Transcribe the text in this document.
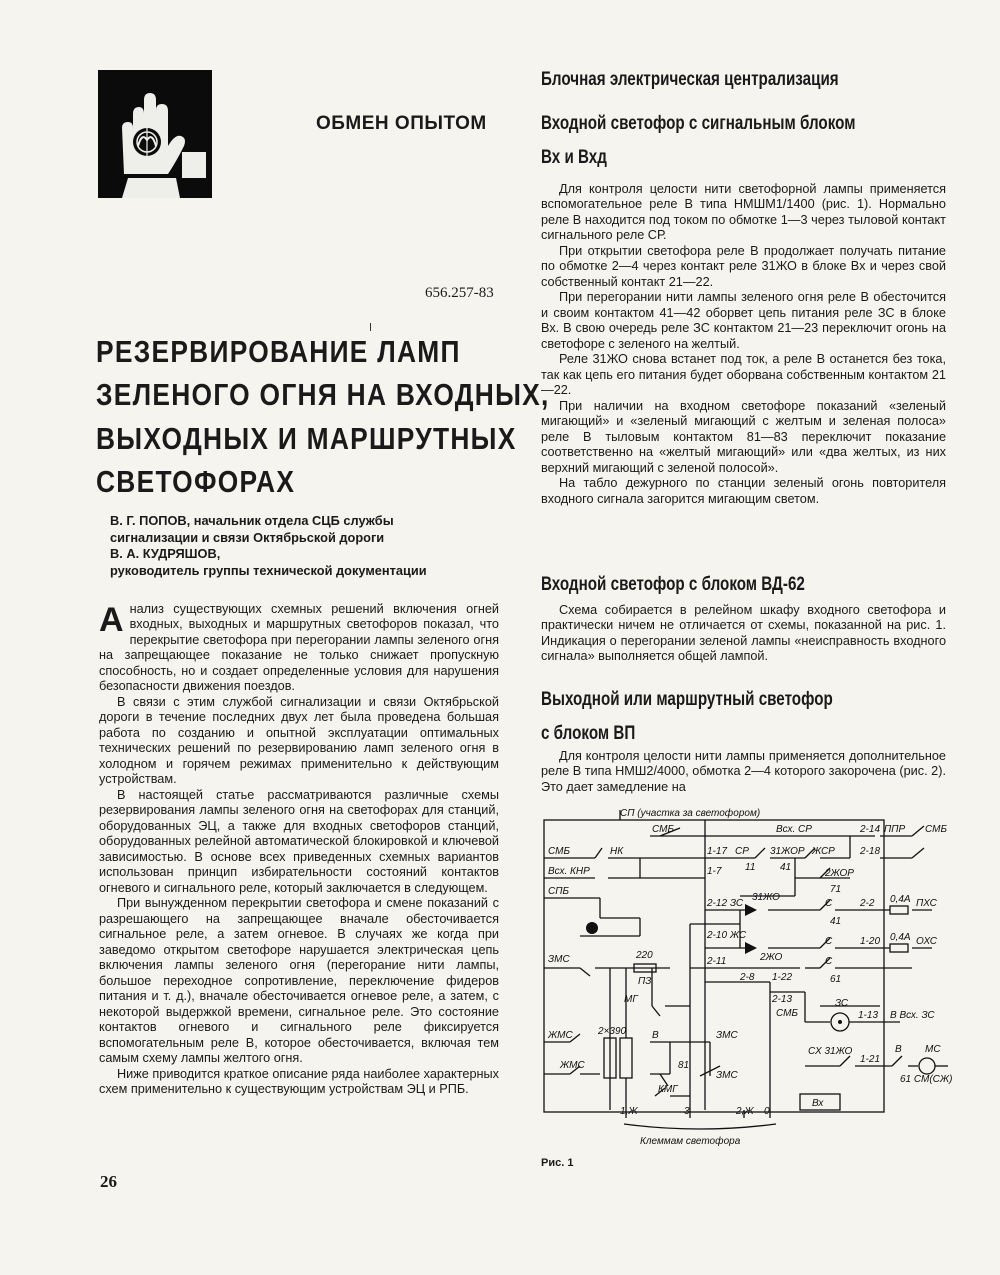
ОБМЕН ОПЫТОМ
656.257-83
РЕЗЕРВИРОВАНИЕ ЛАМП
ЗЕЛЕНОГО ОГНЯ НА ВХОДНЫХ,
ВЫХОДНЫХ И МАРШРУТНЫХ
СВЕТОФОРАХ
В. Г. ПОПОВ, начальник отдела СЦБ службы
сигнализации и связи Октябрьской дороги
В. А. КУДРЯШОВ,
руководитель группы технической документации

Анализ существующих схемных решений включения огней входных, выходных и маршрутных светофоров показал, что перекрытие светофора при перегорании лампы зеленого огня на запрещающее показание не только снижает пропускную способность, но и создает определенные условия для нарушения безопасности движения поездов.

В связи с этим службой сигнализации и связи Октябрьской дороги в течение последних двух лет была проведена большая работа по созданию и опытной эксплуатации оптимальных технических решений по резервированию ламп зеленого огня в холодном и горячем режимах применительно к действующим устройствам.

В настоящей статье рассматриваются различные схемы резервирования лампы зеленого огня на светофорах для станций, оборудованных ЭЦ, а также для входных светофоров станций, оборудованных релейной автоматической блокировкой и ключевой зависимостью. В основе всех приведенных схемных вариантов использован принцип избирательности состояний контактов огневого и сигнального реле, который заключается в следующем.

При вынужденном перекрытии светофора и смене показаний с разрешающего на запрещающее вначале обесточивается сигнальное реле, а затем огневое. В случаях же когда при заведомо открытом светофоре нарушается электрическая цепь включения лампы зеленого огня (перегорание нити лампы, большое переходное сопротивление, переключение фидеров питания и т. д.), вначале обесточивается огневое реле, а затем, с некоторой выдержкой времени, сигнальное реле. Это состояние контактов огневого и сигнального реле фиксируется вспомогательным реле В, которое обесточивается, включая тем самым схему лампы желтого огня.

Ниже приводится краткое описание ряда наиболее характерных схем применительно к существующим устройствам ЭЦ и РПБ.

26
Блочная электрическая централизация
Входной светофор с сигнальным блоком
Вх и Вхд

Для контроля целости нити светофорной лампы применяется вспомогательное реле В типа НМШМ1/1400 (рис. 1). Нормально реле В находится под током по обмотке 1—3 через тыловой контакт сигнального реле СР.

При открытии светофора реле В продолжает получать питание по обмотке 2—4 через контакт реле 31ЖО в блоке Вх и через свой собственный контакт 21—22.

При перегорании нити лампы зеленого огня реле В обесточится и своим контактом 41—42 оборвет цепь питания реле ЗС в блоке Вх. В свою очередь реле ЗС контактом 21—23 переключит огонь на светофоре с зеленого на желтый.

Реле 31ЖО снова встанет под ток, а реле В останется без тока, так как цепь его питания будет оборвана собственным контактом 21—22.

При наличии на входном светофоре показаний «зеленый мигающий» и «зеленый мигающий с желтым и зеленая полоса» реле В тыловым контактом 81—83 переключит показание соответственно на «желтый мигающий» или «два желтых, из них верхний мигающий с зеленой полосой».

На табло дежурного по станции зеленый огонь повторителя входного сигнала загорится мигающим светом.

Входной светофор с блоком ВД-62

Схема собирается в релейном шкафу входного светофора и практически ничем не отличается от схемы, показанной на рис. 1. Индикация о перегорании зеленой лампы «неисправность входного сигнала» выполняется общей лампой.

Выходной или маршрутный светофор
с блоком ВП

Для контроля целости нити лампы применяется дополнительное реле В типа НМШ2/4000, обмотка 2—4 которого закорочена (рис. 2). Это дает замедление на

СП (участка за светофором)
СМБ	Всх. СР	ППР СМБ
2-14
2-18
СМБ	НК
Всх. КНР
СПБ
1-17
1-7
СР 31ЖОР ЖСР
2ЖОР
11 41
71
2-12 ЗС
31ЖО
С	2-2 0,4А ПХС
41
2-10 ЖС
2ЖО
С	1-20 0,4А ОХС
2-11	С
61
ЗМС	220
ПЗ
МГ
2-8 1-22
2-13
СМБ
ЗС
1-13 В Всх. ЗС
ЖМС
ЖМС
В	ЗМС
ЗМС
КМГ
81
2×390
СХ 31ЖО
1-21
В МС
61 СМ(СЖ)
Вх
1,Ж	3	2,Ж 0
Клеммам светофора
Рис. 1
